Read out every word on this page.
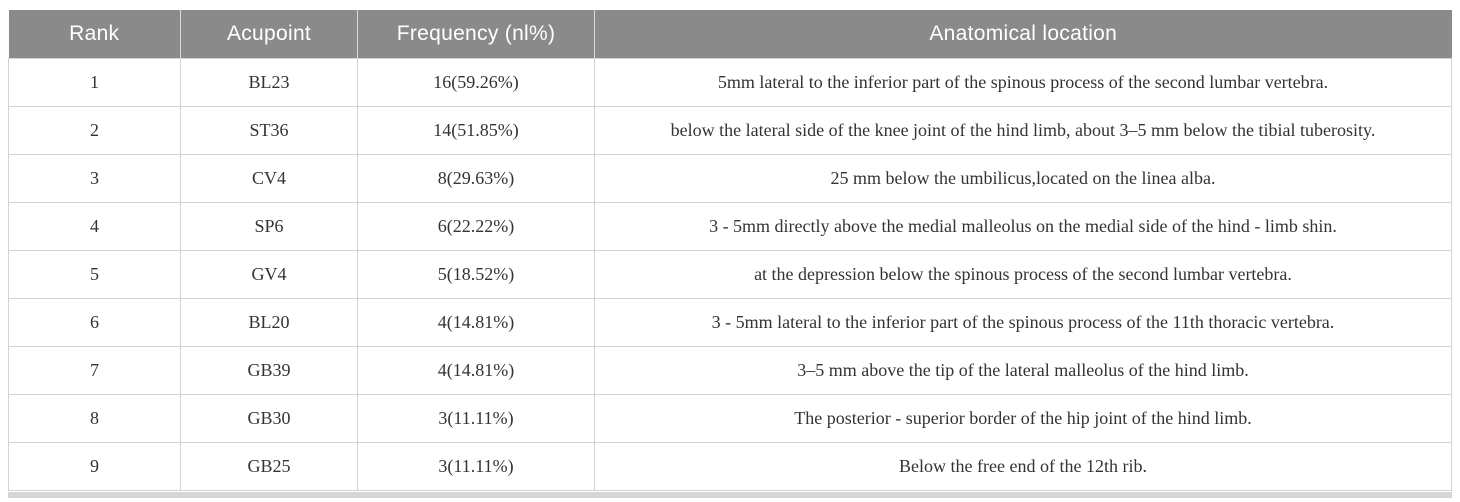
Rank	Acupoint	Frequency (nl%)	Anatomical location
1	BL23	16(59.26%)	5mm lateral to the inferior part of the spinous process of the second lumbar vertebra.
2	ST36	14(51.85%)	below the lateral side of the knee joint of the hind limb, about 3–5 mm below the tibial tuberosity.
3	CV4	8(29.63%)	25 mm below the umbilicus,located on the linea alba.
4	SP6	6(22.22%)	3 - 5mm directly above the medial malleolus on the medial side of the hind - limb shin.
5	GV4	5(18.52%)	at the depression below the spinous process of the second lumbar vertebra.
6	BL20	4(14.81%)	3 - 5mm lateral to the inferior part of the spinous process of the 11th thoracic vertebra.
7	GB39	4(14.81%)	3–5 mm above the tip of the lateral malleolus of the hind limb.
8	GB30	3(11.11%)	The posterior - superior border of the hip joint of the hind limb.
9	GB25	3(11.11%)	Below the free end of the 12th rib.
